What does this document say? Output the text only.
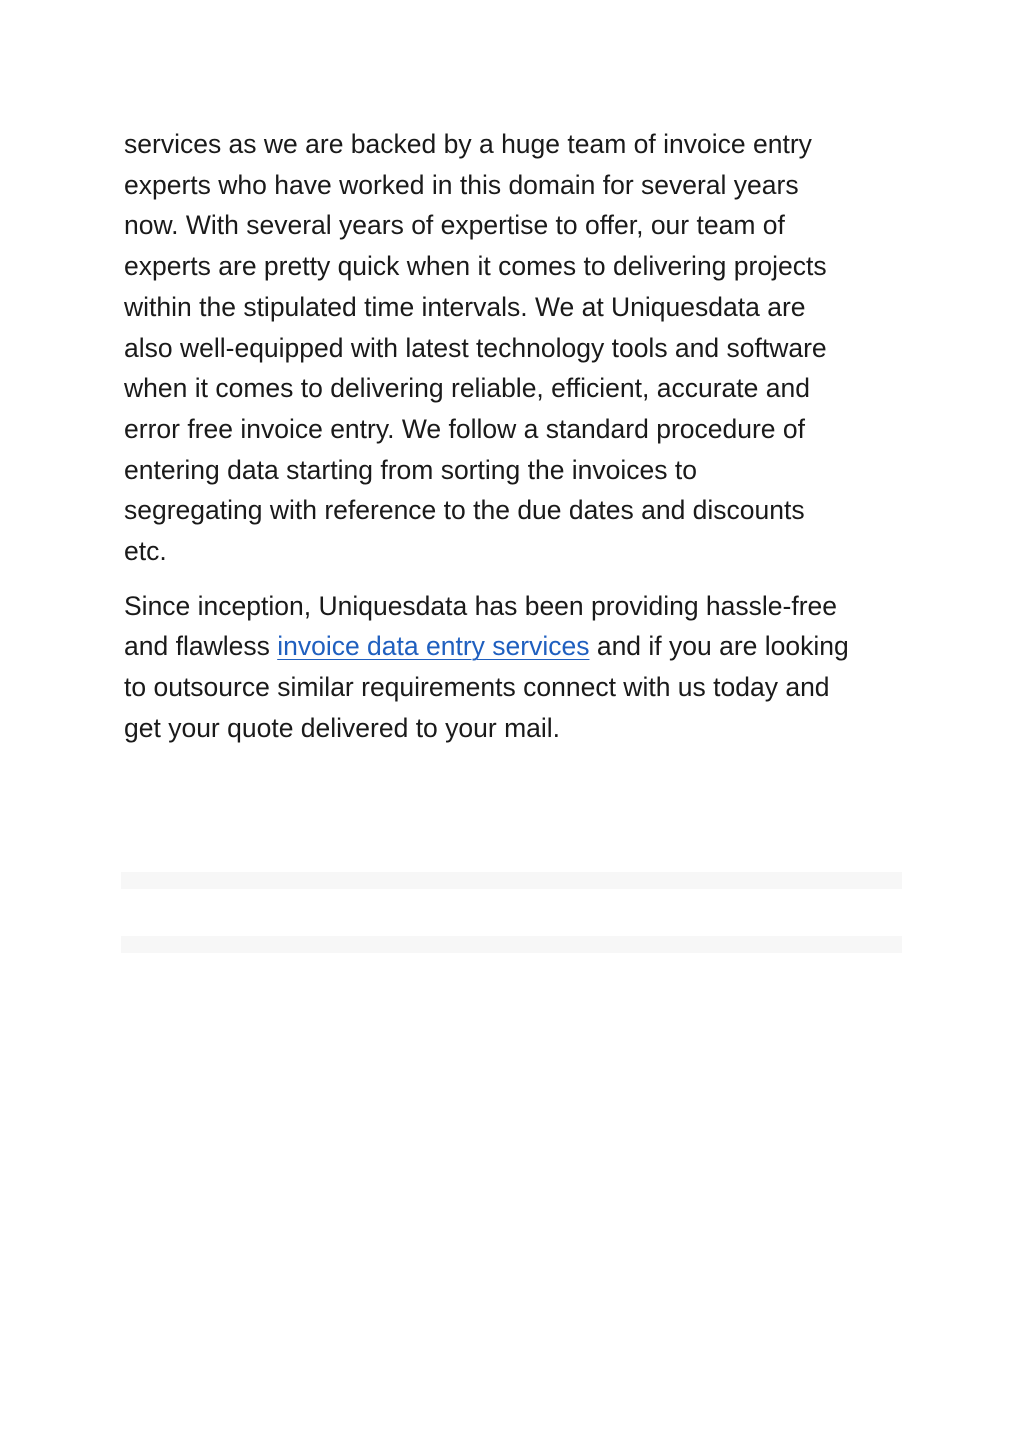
services as we are backed by a huge team of invoice entry
experts who have worked in this domain for several years
now. With several years of expertise to offer, our team of
experts are pretty quick when it comes to delivering projects
within the stipulated time intervals. We at Uniquesdata are
also well-equipped with latest technology tools and software
when it comes to delivering reliable, efficient, accurate and
error free invoice entry. We follow a standard procedure of
entering data starting from sorting the invoices to
segregating with reference to the due dates and discounts
etc.

Since inception, Uniquesdata has been providing hassle-free
and flawless invoice data entry services and if you are looking
to outsource similar requirements connect with us today and
get your quote delivered to your mail.
